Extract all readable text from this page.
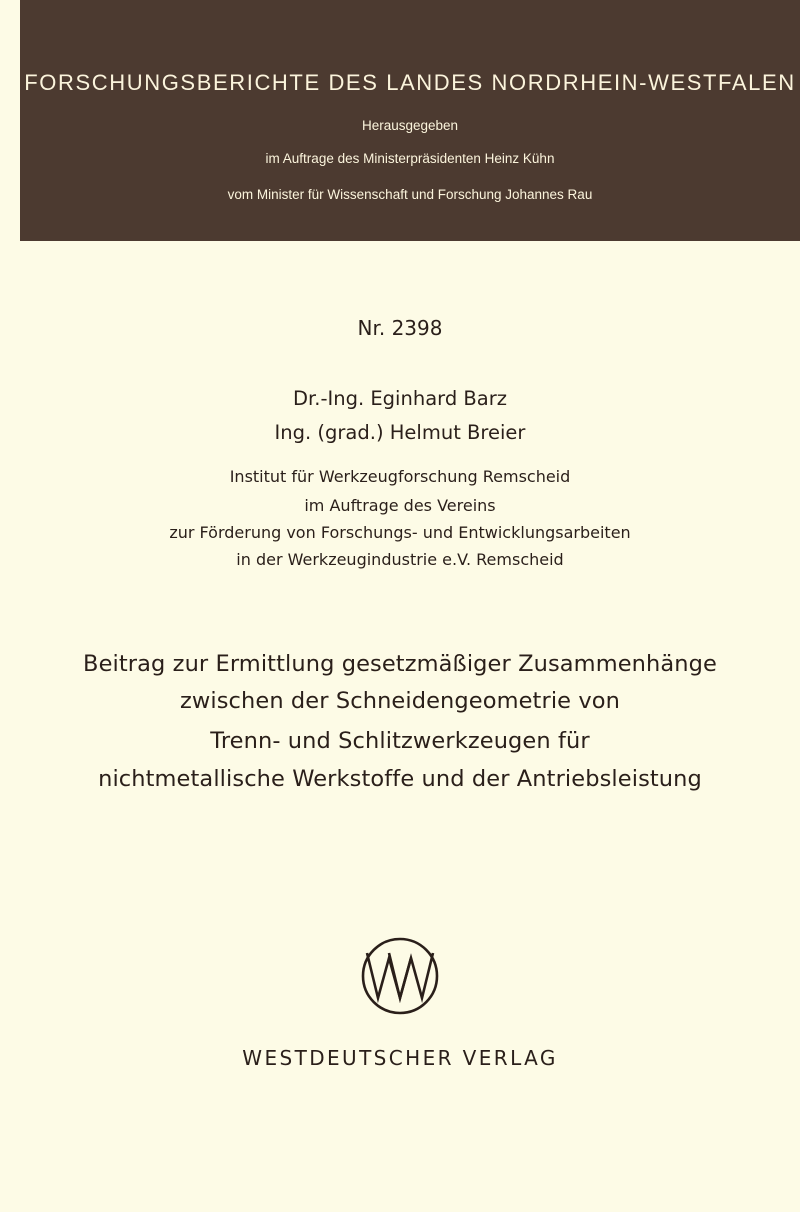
FORSCHUNGSBERICHTE DES LANDES NORDRHEIN-WESTFALEN
Herausgegeben
im Auftrage des Ministerpräsidenten Heinz Kühn
vom Minister für Wissenschaft und Forschung Johannes Rau
Nr. 2398
Dr.-Ing. Eginhard Barz
Ing. (grad.) Helmut Breier
Institut für Werkzeugforschung Remscheid
im Auftrage des Vereins
zur Förderung von Forschungs- und Entwicklungsarbeiten
in der Werkzeugindustrie e.V. Remscheid
Beitrag zur Ermittlung gesetzmäßiger Zusammenhänge
zwischen der Schneidengeometrie von
Trenn- und Schlitzwerkzeugen für
nichtmetallische Werkstoffe und der Antriebsleistung
WESTDEUTSCHER VERLAG
